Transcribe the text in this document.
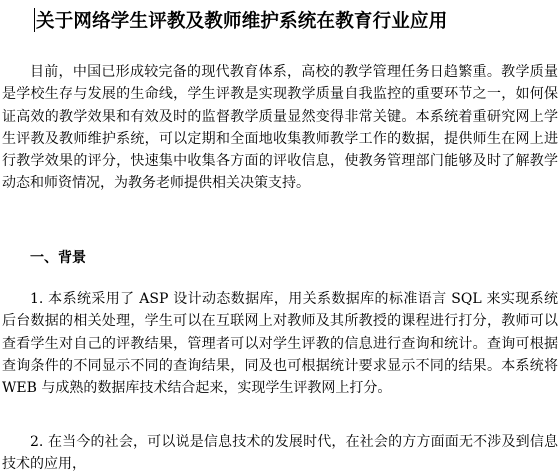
关于网络学生评教及教师维护系统在教育行业应用

目前，中国已形成较完备的现代教育体系，高校的教学管理任务日趋繁重。教学质量是学校生存与发展的生命线，学生评教是实现教学质量自我监控的重要环节之一，如何保证高效的教学效果和有效及时的监督教学质量显然变得非常关键。本系统着重研究网上学生评教及教师维护系统，可以定期和全面地收集教师教学工作的数据，提供师生在网上进行教学效果的评分，快速集中收集各方面的评收信息，使教务管理部门能够及时了解教学动态和师资情况，为教务老师提供相关决策支持。

一、背景

1. 本系统采用了 ASP 设计动态数据库，用关系数据库的标准语言 SQL 来实现系统后台数据的相关处理，学生可以在互联网上对教师及其所教授的课程进行打分，教师可以查看学生对自己的评教结果，管理者可以对学生评教的信息进行查询和统计。查询可根据查询条件的不同显示不同的查询结果，同及也可根据统计要求显示不同的结果。本系统将 WEB 与成熟的数据库技术结合起来，实现学生评教网上打分。

2. 在当今的社会，可以说是信息技术的发展时代，在社会的方方面面无不涉及到信息技术的应用，
